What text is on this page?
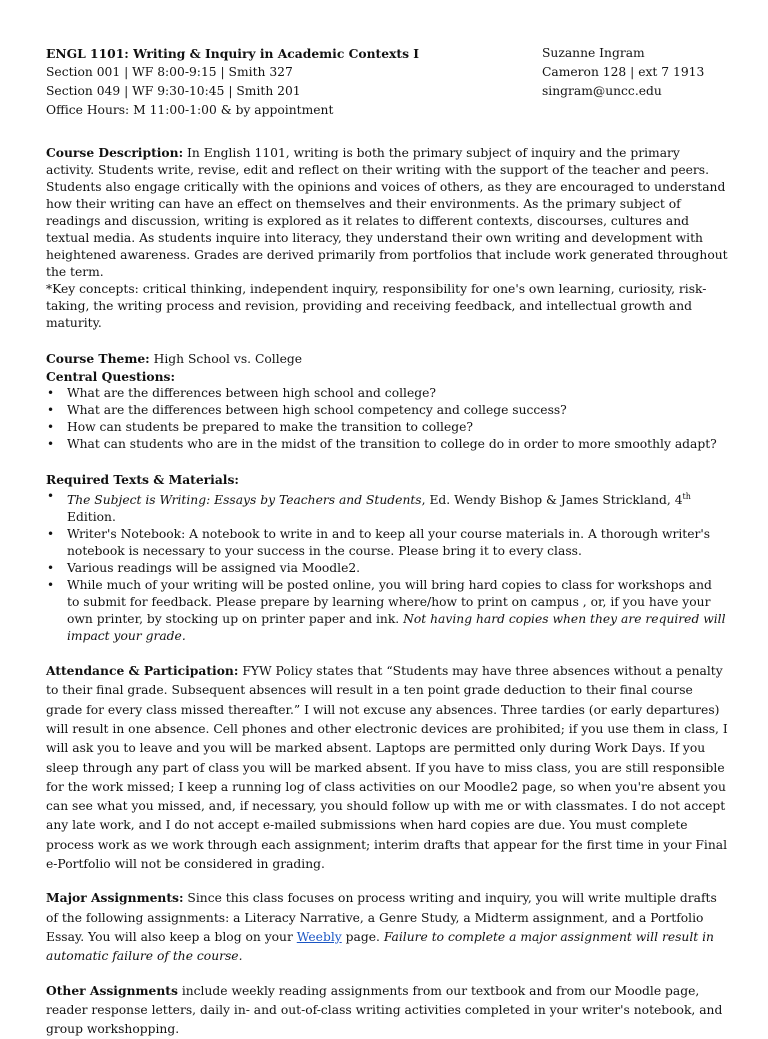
ENGL 1101: Writing & Inquiry in Academic Contexts I
Section 001 | WF 8:00-9:15 | Smith 327
Section 049 | WF 9:30-10:45 | Smith 201
Office Hours: M 11:00-1:00 & by appointment
Suzanne Ingram
Cameron 128 | ext 7 1913
singram@uncc.edu

Course Description: In English 1101, writing is both the primary subject of inquiry and the primary activity. Students write, revise, edit and reflect on their writing with the support of the teacher and peers. Students also engage critically with the opinions and voices of others, as they are encouraged to understand how their writing can have an effect on themselves and their environments. As the primary subject of readings and discussion, writing is explored as it relates to different contexts, discourses, cultures and textual media. As students inquire into literacy, they understand their own writing and development with heightened awareness. Grades are derived primarily from portfolios that include work generated throughout the term.

*Key concepts: critical thinking, independent inquiry, responsibility for one's own learning, curiosity, risk-taking, the writing process and revision, providing and receiving feedback, and intellectual growth and maturity.

Course Theme: High School vs. College

Central Questions:

• What are the differences between high school and college?
• What are the differences between high school competency and college success?
• How can students be prepared to make the transition to college?
• What can students who are in the midst of the transition to college do in order to more smoothly adapt?

Required Texts & Materials:

• The Subject is Writing: Essays by Teachers and Students, Ed. Wendy Bishop & James Strickland, 4th Edition.
• Writer's Notebook: A notebook to write in and to keep all your course materials in. A thorough writer's notebook is necessary to your success in the course. Please bring it to every class.
• Various readings will be assigned via Moodle2.
• While much of your writing will be posted online, you will bring hard copies to class for workshops and to submit for feedback. Please prepare by learning where/how to print on campus , or, if you have your own printer, by stocking up on printer paper and ink. Not having hard copies when they are required will impact your grade.

Attendance & Participation: FYW Policy states that “Students may have three absences without a penalty to their final grade. Subsequent absences will result in a ten point grade deduction to their final course grade for every class missed thereafter.” I will not excuse any absences. Three tardies (or early departures) will result in one absence. Cell phones and other electronic devices are prohibited; if you use them in class, I will ask you to leave and you will be marked absent. Laptops are permitted only during Work Days. If you sleep through any part of class you will be marked absent. If you have to miss class, you are still responsible for the work missed; I keep a running log of class activities on our Moodle2 page, so when you're absent you can see what you missed, and, if necessary, you should follow up with me or with classmates. I do not accept any late work, and I do not accept e-mailed submissions when hard copies are due. You must complete process work as we work through each assignment; interim drafts that appear for the first time in your Final e-Portfolio will not be considered in grading.

Major Assignments: Since this class focuses on process writing and inquiry, you will write multiple drafts of the following assignments: a Literacy Narrative, a Genre Study, a Midterm assignment, and a Portfolio Essay. You will also keep a blog on your Weebly page. Failure to complete a major assignment will result in automatic failure of the course.

Other Assignments include weekly reading assignments from our textbook and from our Moodle page, reader response letters, daily in- and out-of-class writing activities completed in your writer's notebook, and group workshopping.
